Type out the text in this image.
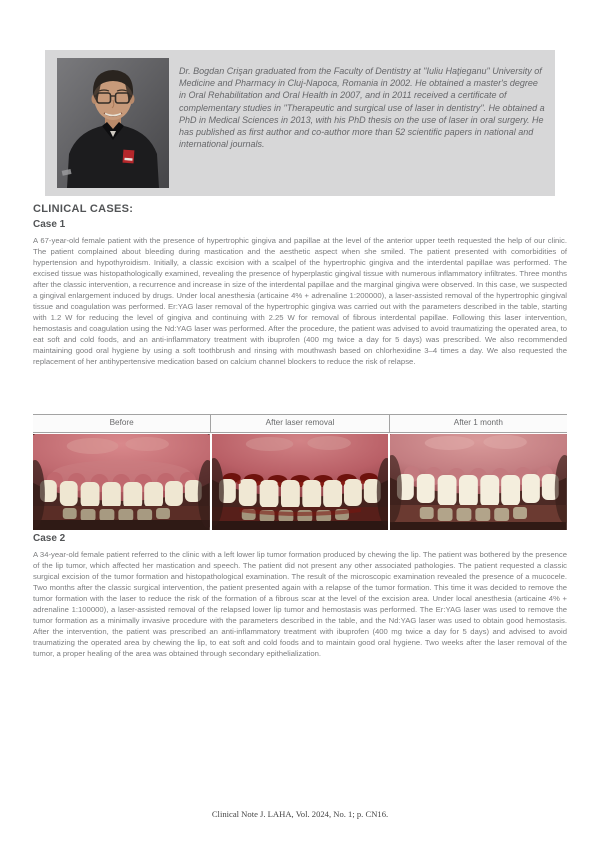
Dr. Bogdan Crişan graduated from the Faculty of Dentistry at "Iuliu Haţieganu" University of Medicine and Pharmacy in Cluj-Napoca, Romania in 2002. He obtained a master's degree in Oral Rehabilitation and Oral Health in 2007, and in 2011 received a certificate of complementary studies in "Therapeutic and surgical use of laser in dentistry". He obtained a PhD in Medical Sciences in 2013, with his PhD thesis on the use of laser in oral surgery. He has published as first author and co-author more than 52 scientific papers in national and international journals.

CLINICAL CASES:
Case 1

A 67-year-old female patient with the presence of hypertrophic gingiva and papillae at the level of the anterior upper teeth requested the help of our clinic. The patient complained about bleeding during mastication and the aesthetic aspect when she smiled. The patient presented with comorbidities of hypertension and hypothyroidism. Initially, a classic excision with a scalpel of the hypertrophic gingiva and the interdental papillae was performed. The excised tissue was histopathologically examined, revealing the presence of hyperplastic gingival tissue with numerous inflammatory infiltrates. Three months after the classic intervention, a recurrence and increase in size of the interdental papillae and the marginal gingiva were observed. In this case, we suspected a gingival enlargement induced by drugs. Under local anesthesia (articaine 4% + adrenaline 1:200000), a laser-assisted removal of the hypertrophic gingival tissue and coagulation was performed. Er:YAG laser removal of the hypertrophic gingiva was carried out with the parameters described in the table, starting with 1.2 W for reducing the level of gingiva and continuing with 2.25 W for removal of fibrous interdental papillae. Following this laser intervention, hemostasis and coagulation using the Nd:YAG laser was performed. After the procedure, the patient was advised to avoid traumatizing the operated area, to eat soft and cold foods, and an anti-inflammatory treatment with ibuprofen (400 mg twice a day for 5 days) was prescribed. We also recommended maintaining good oral hygiene by using a soft toothbrush and rinsing with mouthwash based on chlorhexidine 3–4 times a day. We also requested the replacement of her antihypertensive medication based on calcium channel blockers to reduce the risk of relapse.

Before	After laser removal	After 1 month
Case 2

A 34-year-old female patient referred to the clinic with a left lower lip tumor formation produced by chewing the lip. The patient was bothered by the presence of the lip tumor, which affected her mastication and speech. The patient did not present any other associated pathologies. The patient requested a classic surgical excision of the tumor formation and histopathological examination. The result of the microscopic examination revealed the presence of a mucocele. Two months after the classic surgical intervention, the patient presented again with a relapse of the tumor formation. This time it was decided to remove the tumor formation with the laser to reduce the risk of the formation of a fibrous scar at the level of the excision area. Under local anesthesia (articaine 4% + adrenaline 1:100000), a laser-assisted removal of the relapsed lower lip tumor and hemostasis was performed. The Er:YAG laser was used to remove the tumor formation as a minimally invasive procedure with the parameters described in the table, and the Nd:YAG laser was used to obtain good hemostasis. After the intervention, the patient was prescribed an anti-inflammatory treatment with ibuprofen (400 mg twice a day for 5 days) and advised to avoid traumatizing the operated area by chewing the lip, to eat soft and cold foods and to maintain good oral hygiene. Two weeks after the laser removal of the tumor, a proper healing of the area was obtained through secondary epithelialization.

Clinical Note J. LAHA, Vol. 2024, No. 1; p. CN16.
